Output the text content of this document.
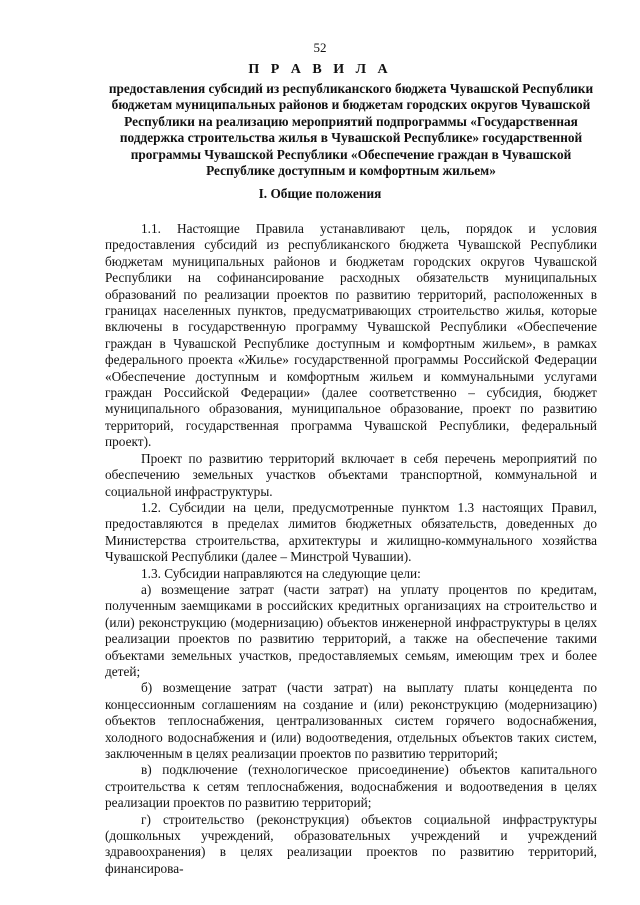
52
П Р А В И Л А
предоставления субсидий из республиканского бюджета Чувашской Республики бюджетам муниципальных районов и бюджетам городских округов Чувашской Республики на реализацию мероприятий подпрограммы «Государственная поддержка строительства жилья в Чувашской Республике» государственной программы Чувашской Республики «Обеспечение граждан в Чувашской Республике доступным и комфортным жильем»
I. Общие положения

1.1. Настоящие Правила устанавливают цель, порядок и условия предоставления субсидий из республиканского бюджета Чувашской Республики бюджетам муниципальных районов и бюджетам городских округов Чувашской Республики на софинансирование расходных обязательств муниципальных образований по реализации проектов по развитию территорий, расположенных в границах населенных пунктов, предусматривающих строительство жилья, которые включены в государственную программу Чувашской Республики «Обеспечение граждан в Чувашской Республике доступным и комфортным жильем», в рамках федерального проекта «Жилье» государственной программы Российской Федерации «Обеспечение доступным и комфортным жильем и коммунальными услугами граждан Российской Федерации» (далее соответственно – субсидия, бюджет муниципального образования, муниципальное образование, проект по развитию территорий, государственная программа Чувашской Республики, федеральный проект).

Проект по развитию территорий включает в себя перечень мероприятий по обеспечению земельных участков объектами транспортной, коммунальной и социальной инфраструктуры.

1.2. Субсидии на цели, предусмотренные пунктом 1.3 настоящих Правил, предоставляются в пределах лимитов бюджетных обязательств, доведенных до Министерства строительства, архитектуры и жилищно-коммунального хозяйства Чувашской Республики (далее – Минстрой Чувашии).

1.3. Субсидии направляются на следующие цели:

а) возмещение затрат (части затрат) на уплату процентов по кредитам, полученным заемщиками в российских кредитных организациях на строительство и (или) реконструкцию (модернизацию) объектов инженерной инфраструктуры в целях реализации проектов по развитию территорий, а также на обеспечение такими объектами земельных участков, предоставляемых семьям, имеющим трех и более детей;

б) возмещение затрат (части затрат) на выплату платы концедента по концессионным соглашениям на создание и (или) реконструкцию (модернизацию) объектов теплоснабжения, централизованных систем горячего водоснабжения, холодного водоснабжения и (или) водоотведения, отдельных объектов таких систем, заключенным в целях реализации проектов по развитию территорий;

в) подключение (технологическое присоединение) объектов капитального строительства к сетям теплоснабжения, водоснабжения и водоотведения в целях реализации проектов по развитию территорий;

г) строительство (реконструкция) объектов социальной инфраструктуры (дошкольных учреждений, образовательных учреждений и учреждений здравоохранения) в целях реализации проектов по развитию территорий, финансирова-
